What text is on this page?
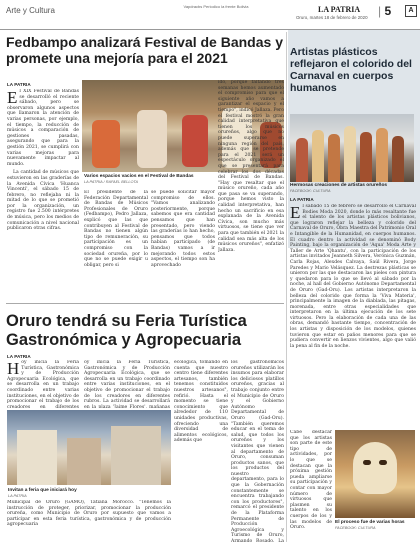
Arte y Cultura	Vapdracbs Periodico la frente Bolivia	LA PATRIA
Oruro, martes 18 de febrero de 2020 | 5	A
Fedbampo analizará Festival de Bandas y promete una mejoría para el 2021
LA PATRIA
E l XIX Festival de Bandas se desarrolló el reciente sábado, pero se observaron algunos aspectos que llamaron la atención de varias personas, por ejemplo, el tiempo, la reducción de músicos a comparación de gestiones pasadas, asegurando que para la gestión 2021, se cumplirá con varias mejoras para nuevamente impactar al mundo.

La cantidad de músicos que estuvieron en las graderías de la Avenida Cívica 'Huanca Vincenti', el sábado 15 de febrero, no reflejaba ni la mitad de lo que se prometió por la organización, un registro fue 2.500 intérpretes de música, pero los medios de comunicación a nivel nacional publicaron otras cifras.

Varios espacios vacíos en el Festival de Bandas
LA PATRIA / RAFAEL BELLOTA
El presidente de la Federación Departamental de Bandas de Músicos Profesionales de Oruro (Fedbampo), Pedro Jallaza, explicó que las que contribuyen al Festival de Bandas no tienen algún tipo de remuneración, su participación es un compromiso con la sociedad orureña, por lo que no se puede exigir u obligar, pero si
se puede solicitar mayor compromiso de ellos. "Vamos analizando posteriormente, porque sabemos que era cantidad pensamos que han presentado, pero viendo las graderías lo han hecho, pensamos que todos habían participado (de Bandas) vamos a ir mejorando todos estos aspectos, el tiempo son ha aprovechado
ido, porque faltando tres semanas hemos aumentado el compromiso para que el siguiente año vamos a garantizar el espacio y el tiempo", indicó Jallaza. Pero el festival mostró la gran calidad interpretativa que tienen los músicos orureños, algo que no puede superarse en ninguna región del país, además que se pretende para el 2021 será un espectáculo organizado el que se presentará para celebrar los dos décadas del Festival de Bandas. "Hay que resaltar que el músico orureño, cada año que pasa se va superando, porque hemos visto la calidad interpretativa, han hecho un sacrificio en esa explanada de la Avenida Cívica, son mucho más virtuosos, se tiene que ver para que también el 2021 la calidad sea más alta de los músicos orureños", enfatizó Jallaza.
Artistas plásticos reflejaron el colorido del Carnaval en cuerpos humanos
Hermosas creaciones de artistas orureños
FACEBOOK: CULTURA
LA PATRIA
E l sábado 15 de febrero se desarrolló el Carnaval Bodies Moda 2020, donde lo más resaltante fue el talento de los artistas plásticos bolivianos, que lograron reflejar la belleza y colorido del Carnaval de Oruro, Obra Maestra del Patrimonio Oral e Intangible de la Humanidad, en cuerpos humanos. El cuadro dentro la actividad se denominó Body Painting, bajo la organización de 'Aqua' Moda Arte y Taller de Arte 'Qhantu', con la participación de los artistas invitados Jeanneth Silvera, Verónica Guzmán, Carla Rojas, Alexdes Calvaya, Saúl Rivera, Jorge Paredes y Mario Velásquez. La destrezas plásticas se unieron por las que destacaron las pieles con pintura y quedaron para lo que se llevó al sábado por la noche, al hall del Gobierno Autónomo Departamental de Oruro (Gad-Oru). Los artistas interpretaron la belleza del colorido que forma la 'Viva Materia', principalmente la imagen de la diablada, las pitagas, morenada, entre otras especialidades que interpretaron en la última ejecución de los sete virtuosos. Pero la elaboración de cada una de las obras, demandó bastante tiempo, concentración de los artistas y disposición de los modelos, quienes tuvieron que estar en paños menores para que se pudiera convertir en lienzos vivientes, algo que valió la pena al fin de la noche.
Cabe destacar que los artistas son parte de este tipo de actividades, por lo que se destacan que la próxima gestión pueda ampliarse su participación y contar con mayor número de virtuosos que plasmen su talento en los cuerpos de los y las modelos de Oruro.
El proceso fue de varias horas
FACEBOOK: CULTURA
Oruro tendrá su Feria Turística Gastronómica y Agropecuaria
LA PATRIA
H oy inicia la Feria Turística, Gastronómica y de Producción Agropecuaria Ecológica, que se desarrolla en un trabajo coordinado entre varias instituciones, en el objetivo de promocionar el trabajo de los creadores en diferentes
oy inicia la Feria Turística, Gastronómica y de Producción Agropecuaria Ecológica, que se desarrolla en un trabajo coordinado entre varias instituciones, en el objetivo de promocionar el trabajo de los creadores en diferentes rubros. La actividad se desarrollará en la plaza 'Jaime Flores', mañanas
Invitan a feria que iniciará hoy
LA PATRIA
Municipal de Oruro (GAMO), Tatiana Morocco. "Tenemos la instrucción de proteger, priorizar, promocionar la producción orureña, como Municipio de Oruro por supuesto que vamos a participar en esta feria turística, gastronómica y de producción agropecuaria
ecológica, tomando en cuenta que nuestro centro tiene diferentes artesanos, también tenemos constituidos nuestros artesanos", refirió. Hasta el momento se tiene conocimiento que alrededor de 110 unidades productivas, ofreciendo una diversidad de alimentos ecológicos, además que
los gastronómicos orureños utilizarán los insumos para elaborar los deliciosos platillos orureños, gracias al trabajo conjunto entre el Municipio de Oruro y el Gobierno Autónomo Departamental de Oruro (Gad-Oru). "También queremos educar en el tema de salud, que todos los orureños y los visitantes que vienen al departamento de Oruro, consuman productos sanos, que los productos del nuestro departamento, para lo que la Gobernación constantemente se encuentra trabajando con los productores", remarcó el presidente de la Plataforma Permanente de Producción Agroecológica y Turismo de Oruro, Armando Rosado. La
